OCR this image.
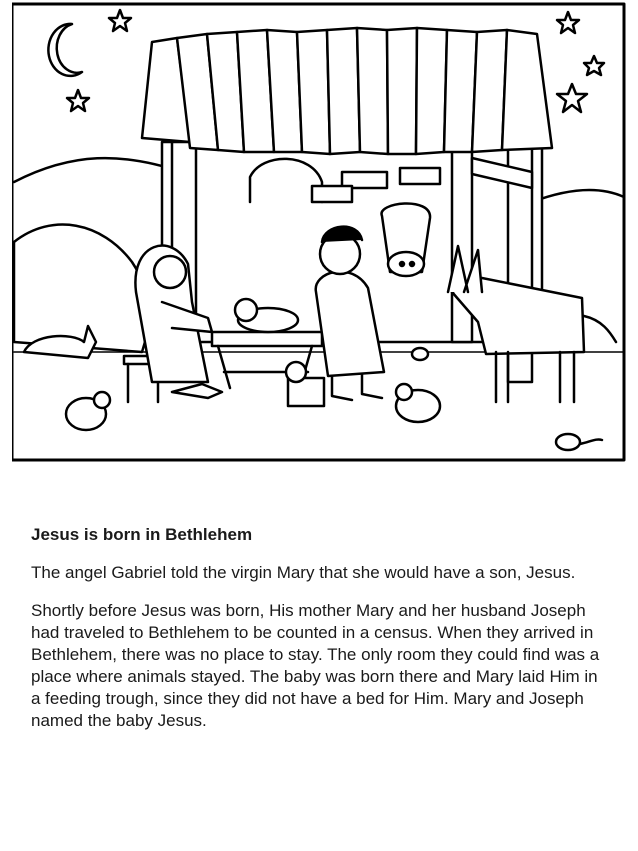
Jesus is born in Bethlehem
The angel Gabriel told the virgin Mary that she would have a son, Jesus.
Shortly before Jesus was born, His mother Mary and her husband Joseph had traveled to Bethlehem to be counted in a census. When they arrived in Bethlehem, there was no place to stay. The only room they could find was a place where animals stayed. The baby was born there and Mary laid Him in a feeding trough, since they did not have a bed for Him. Mary and Joseph named the baby Jesus.
